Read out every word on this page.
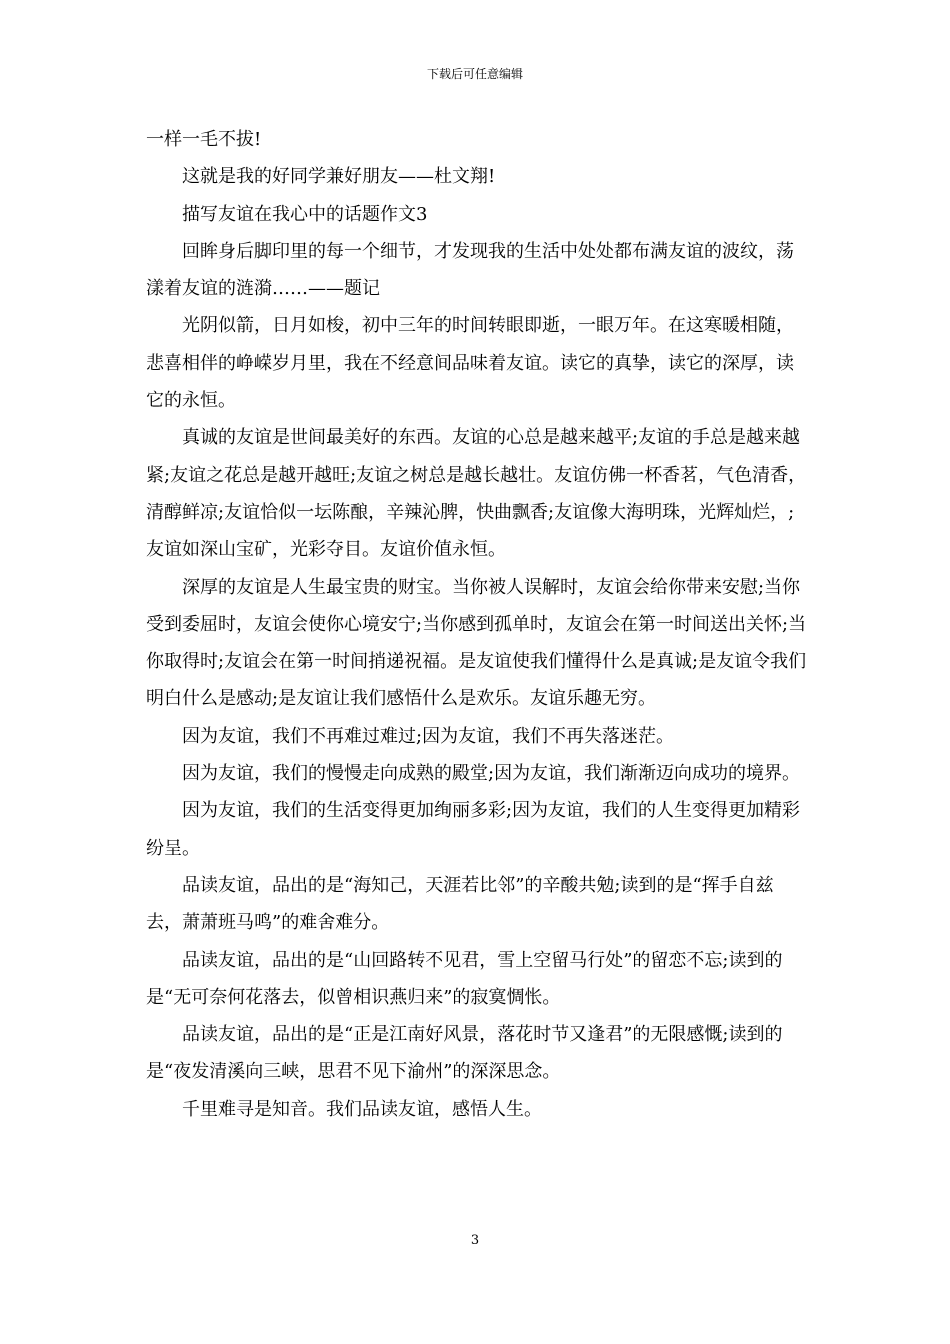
下载后可任意编辑

一样一毛不拔!

这就是我的好同学兼好朋友——杜文翔!

描写友谊在我心中的话题作文3

回眸身后脚印里的每一个细节，才发现我的生活中处处都布满友谊的波纹，荡漾着友谊的涟漪……——题记

光阴似箭，日月如梭，初中三年的时间转眼即逝，一眼万年。在这寒暖相随，悲喜相伴的峥嵘岁月里，我在不经意间品味着友谊。读它的真挚，读它的深厚，读它的永恒。

真诚的友谊是世间最美好的东西。友谊的心总是越来越平;友谊的手总是越来越紧;友谊之花总是越开越旺;友谊之树总是越长越壮。友谊仿佛一杯香茗，气色清香，清醇鲜凉;友谊恰似一坛陈酿，辛辣沁脾，快曲飘香;友谊像大海明珠，光辉灿烂，;友谊如深山宝矿，光彩夺目。友谊价值永恒。

深厚的友谊是人生最宝贵的财宝。当你被人误解时，友谊会给你带来安慰;当你受到委屈时，友谊会使你心境安宁;当你感到孤单时，友谊会在第一时间送出关怀;当你取得时;友谊会在第一时间捎递祝福。是友谊使我们懂得什么是真诚;是友谊令我们明白什么是感动;是友谊让我们感悟什么是欢乐。友谊乐趣无穷。

因为友谊，我们不再难过难过;因为友谊，我们不再失落迷茫。

因为友谊，我们的慢慢走向成熟的殿堂;因为友谊，我们渐渐迈向成功的境界。

因为友谊，我们的生活变得更加绚丽多彩;因为友谊，我们的人生变得更加精彩纷呈。

品读友谊，品出的是“海知己，天涯若比邻”的辛酸共勉;读到的是“挥手自兹去，萧萧班马鸣”的难舍难分。

品读友谊，品出的是“山回路转不见君，雪上空留马行处”的留恋不忘;读到的是“无可奈何花落去，似曾相识燕归来”的寂寞惆怅。

品读友谊，品出的是“正是江南好风景，落花时节又逢君”的无限感慨;读到的是“夜发清溪向三峡，思君不见下渝州”的深深思念。

千里难寻是知音。我们品读友谊，感悟人生。

3
